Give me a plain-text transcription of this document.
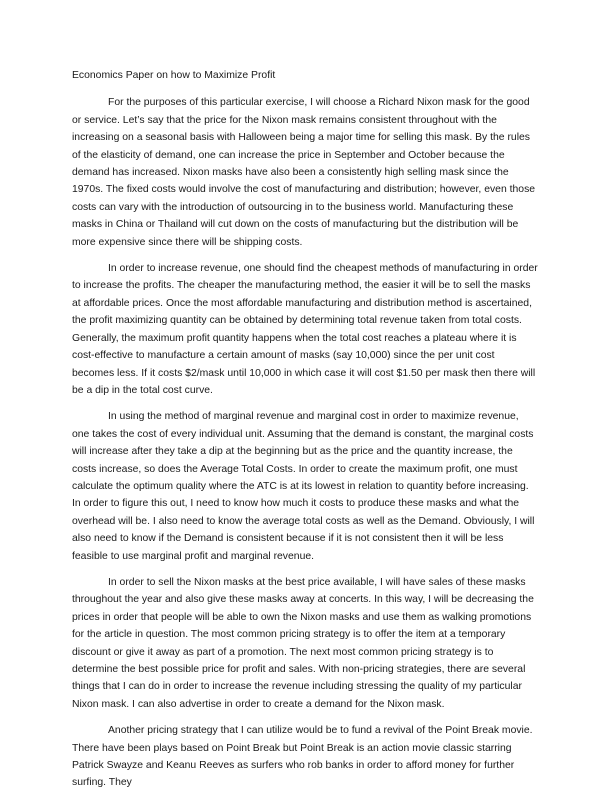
Economics Paper on how to Maximize Profit

For the purposes of this particular exercise, I will choose a Richard Nixon mask for the good or service. Let’s say that the price for the Nixon mask remains consistent throughout with the increasing on a seasonal basis with Halloween being a major time for selling this mask. By the rules of the elasticity of demand, one can increase the price in September and October because the demand has increased. Nixon masks have also been a consistently high selling mask since the 1970s. The fixed costs would involve the cost of manufacturing and distribution; however, even those costs can vary with the introduction of outsourcing in to the business world. Manufacturing these masks in China or Thailand will cut down on the costs of manufacturing but the distribution will be more expensive since there will be shipping costs.

In order to increase revenue, one should find the cheapest methods of manufacturing in order to increase the profits. The cheaper the manufacturing method, the easier it will be to sell the masks at affordable prices. Once the most affordable manufacturing and distribution method is ascertained, the profit maximizing quantity can be obtained by determining total revenue taken from total costs. Generally, the maximum profit quantity happens when the total cost reaches a plateau where it is cost-effective to manufacture a certain amount of masks (say 10,000) since the per unit cost becomes less. If it costs $2/mask until 10,000 in which case it will cost $1.50 per mask then there will be a dip in the total cost curve.

In using the method of marginal revenue and marginal cost in order to maximize revenue, one takes the cost of every individual unit. Assuming that the demand is constant, the marginal costs will increase after they take a dip at the beginning but as the price and the quantity increase, the costs increase, so does the Average Total Costs. In order to create the maximum profit, one must calculate the optimum quality where the ATC is at its lowest in relation to quantity before increasing. In order to figure this out, I need to know how much it costs to produce these masks and what the overhead will be. I also need to know the average total costs as well as the Demand. Obviously, I will also need to know if the Demand is consistent because if it is not consistent then it will be less feasible to use marginal profit and marginal revenue.

In order to sell the Nixon masks at the best price available, I will have sales of these masks throughout the year and also give these masks away at concerts. In this way, I will be decreasing the prices in order that people will be able to own the Nixon masks and use them as walking promotions for the article in question. The most common pricing strategy is to offer the item at a temporary discount or give it away as part of a promotion. The next most common pricing strategy is to determine the best possible price for profit and sales. With non-pricing strategies, there are several things that I can do in order to increase the revenue including stressing the quality of my particular Nixon mask. I can also advertise in order to create a demand for the Nixon mask.

Another pricing strategy that I can utilize would be to fund a revival of the Point Break movie. There have been plays based on Point Break but Point Break is an action movie classic starring Patrick Swayze and Keanu Reeves as surfers who rob banks in order to afford money for further surfing. They
